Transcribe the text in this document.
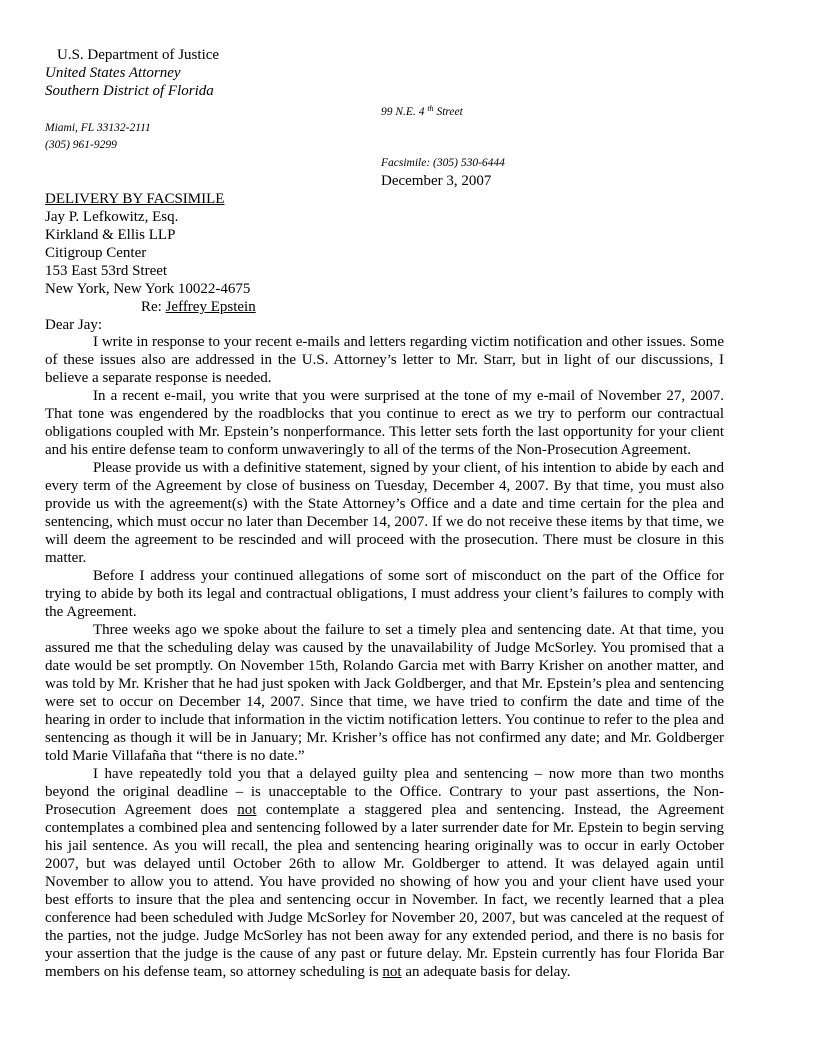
U.S. Department of Justice
United States Attorney
Southern District of Florida
99 N.E. 4 $^{th}$ Street
Miami, FL 33132-2111
(305) 961-9299
Facsimile: (305) 530-6444
December 3, 2007
DELIVERY BY FACSIMILE
Jay P. Lefkowitz, Esq.
Kirkland & Ellis LLP
Citigroup Center
153 East 53rd Street
New York, New York 10022-4675
Re: Jeffrey Epstein
Dear Jay:

I write in response to your recent e-mails and letters regarding victim notification and other issues. Some of these issues also are addressed in the U.S. Attorney’s letter to Mr. Starr, but in light of our discussions, I believe a separate response is needed.

In a recent e-mail, you write that you were surprised at the tone of my e-mail of November 27, 2007. That tone was engendered by the roadblocks that you continue to erect as we try to perform our contractual obligations coupled with Mr. Epstein’s nonperformance. This letter sets forth the last opportunity for your client and his entire defense team to conform unwaveringly to all of the terms of the Non-Prosecution Agreement.

Please provide us with a definitive statement, signed by your client, of his intention to abide by each and every term of the Agreement by close of business on Tuesday, December 4, 2007. By that time, you must also provide us with the agreement(s) with the State Attorney’s Office and a date and time certain for the plea and sentencing, which must occur no later than December 14, 2007. If we do not receive these items by that time, we will deem the agreement to be rescinded and will proceed with the prosecution. There must be closure in this matter.

Before I address your continued allegations of some sort of misconduct on the part of the Office for trying to abide by both its legal and contractual obligations, I must address your client’s failures to comply with the Agreement.

Three weeks ago we spoke about the failure to set a timely plea and sentencing date. At that time, you assured me that the scheduling delay was caused by the unavailability of Judge McSorley. You promised that a date would be set promptly. On November 15th, Rolando Garcia met with Barry Krisher on another matter, and was told by Mr. Krisher that he had just spoken with Jack Goldberger, and that Mr. Epstein’s plea and sentencing were set to occur on December 14, 2007. Since that time, we have tried to confirm the date and time of the hearing in order to include that information in the victim notification letters. You continue to refer to the plea and sentencing as though it will be in January; Mr. Krisher’s office has not confirmed any date; and Mr. Goldberger told Marie Villafaña that “there is no date.”

I have repeatedly told you that a delayed guilty plea and sentencing – now more than two months beyond the original deadline – is unacceptable to the Office. Contrary to your past assertions, the Non-Prosecution Agreement does not contemplate a staggered plea and sentencing. Instead, the Agreement contemplates a combined plea and sentencing followed by a later surrender date for Mr. Epstein to begin serving his jail sentence. As you will recall, the plea and sentencing hearing originally was to occur in early October 2007, but was delayed until October 26th to allow Mr. Goldberger to attend. It was delayed again until November to allow you to attend. You have provided no showing of how you and your client have used your best efforts to insure that the plea and sentencing occur in November. In fact, we recently learned that a plea conference had been scheduled with Judge McSorley for November 20, 2007, but was canceled at the request of the parties, not the judge. Judge McSorley has not been away for any extended period, and there is no basis for your assertion that the judge is the cause of any past or future delay. Mr. Epstein currently has four Florida Bar members on his defense team, so attorney scheduling is not an adequate basis for delay.
